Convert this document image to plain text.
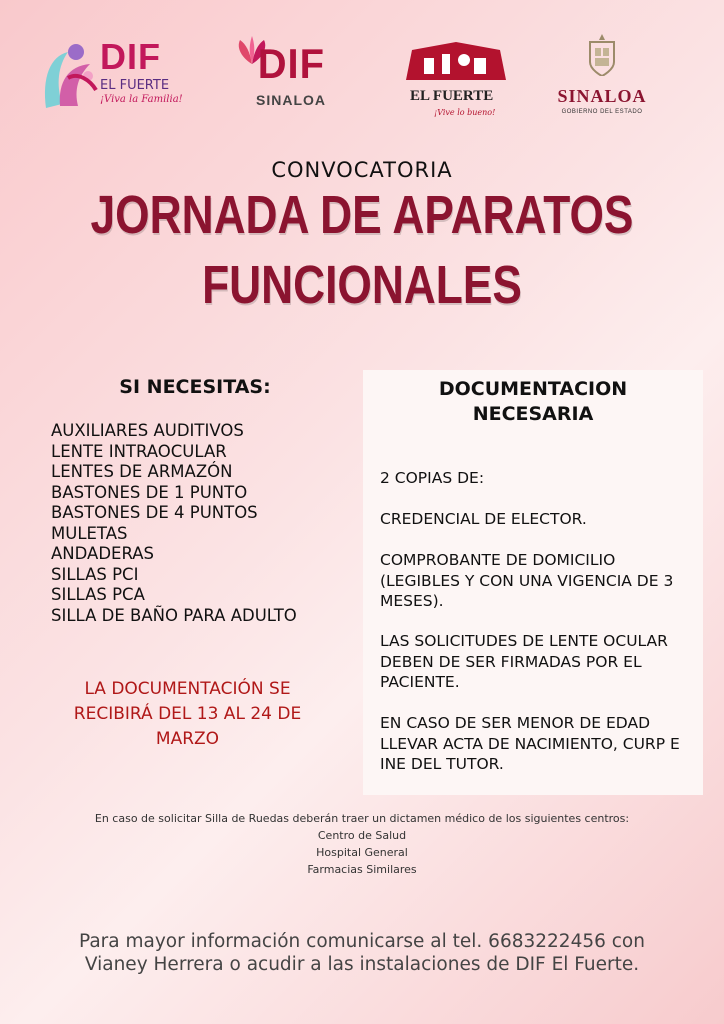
DIF
EL FUERTE
¡Viva la Familia!
DIF
SINALOA	EL FUERTE
¡Vive lo bueno!
SINALOA
GOBIERNO DEL ESTADO
CONVOCATORIA
JORNADA DE APARATOS
FUNCIONALES
SI NECESITAS:
AUXILIARES AUDITIVOS
LENTE INTRAOCULAR
LENTES DE ARMAZÓN
BASTONES DE 1 PUNTO
BASTONES DE 4 PUNTOS
MULETAS
ANDADERAS
SILLAS PCI
SILLAS PCA
SILLA DE BAÑO PARA ADULTO
LA DOCUMENTACIÓN SE
RECIBIRÁ DEL 13 AL 24 DE
MARZO
DOCUMENTACION
NECESARIA
2 COPIAS DE:
CREDENCIAL DE ELECTOR.
COMPROBANTE DE DOMICILIO (LEGIBLES Y CON UNA VIGENCIA DE 3 MESES).
LAS SOLICITUDES DE LENTE OCULAR DEBEN DE SER FIRMADAS POR EL PACIENTE.
EN CASO DE SER MENOR DE EDAD LLEVAR ACTA DE NACIMIENTO, CURP E INE DEL TUTOR.
En caso de solicitar Silla de Ruedas deberán traer un dictamen médico de los siguientes centros:
Centro de Salud
Hospital General
Farmacias Similares
Para mayor información comunicarse al tel. 6683222456 con
Vianey Herrera o acudir a las instalaciones de DIF El Fuerte.
